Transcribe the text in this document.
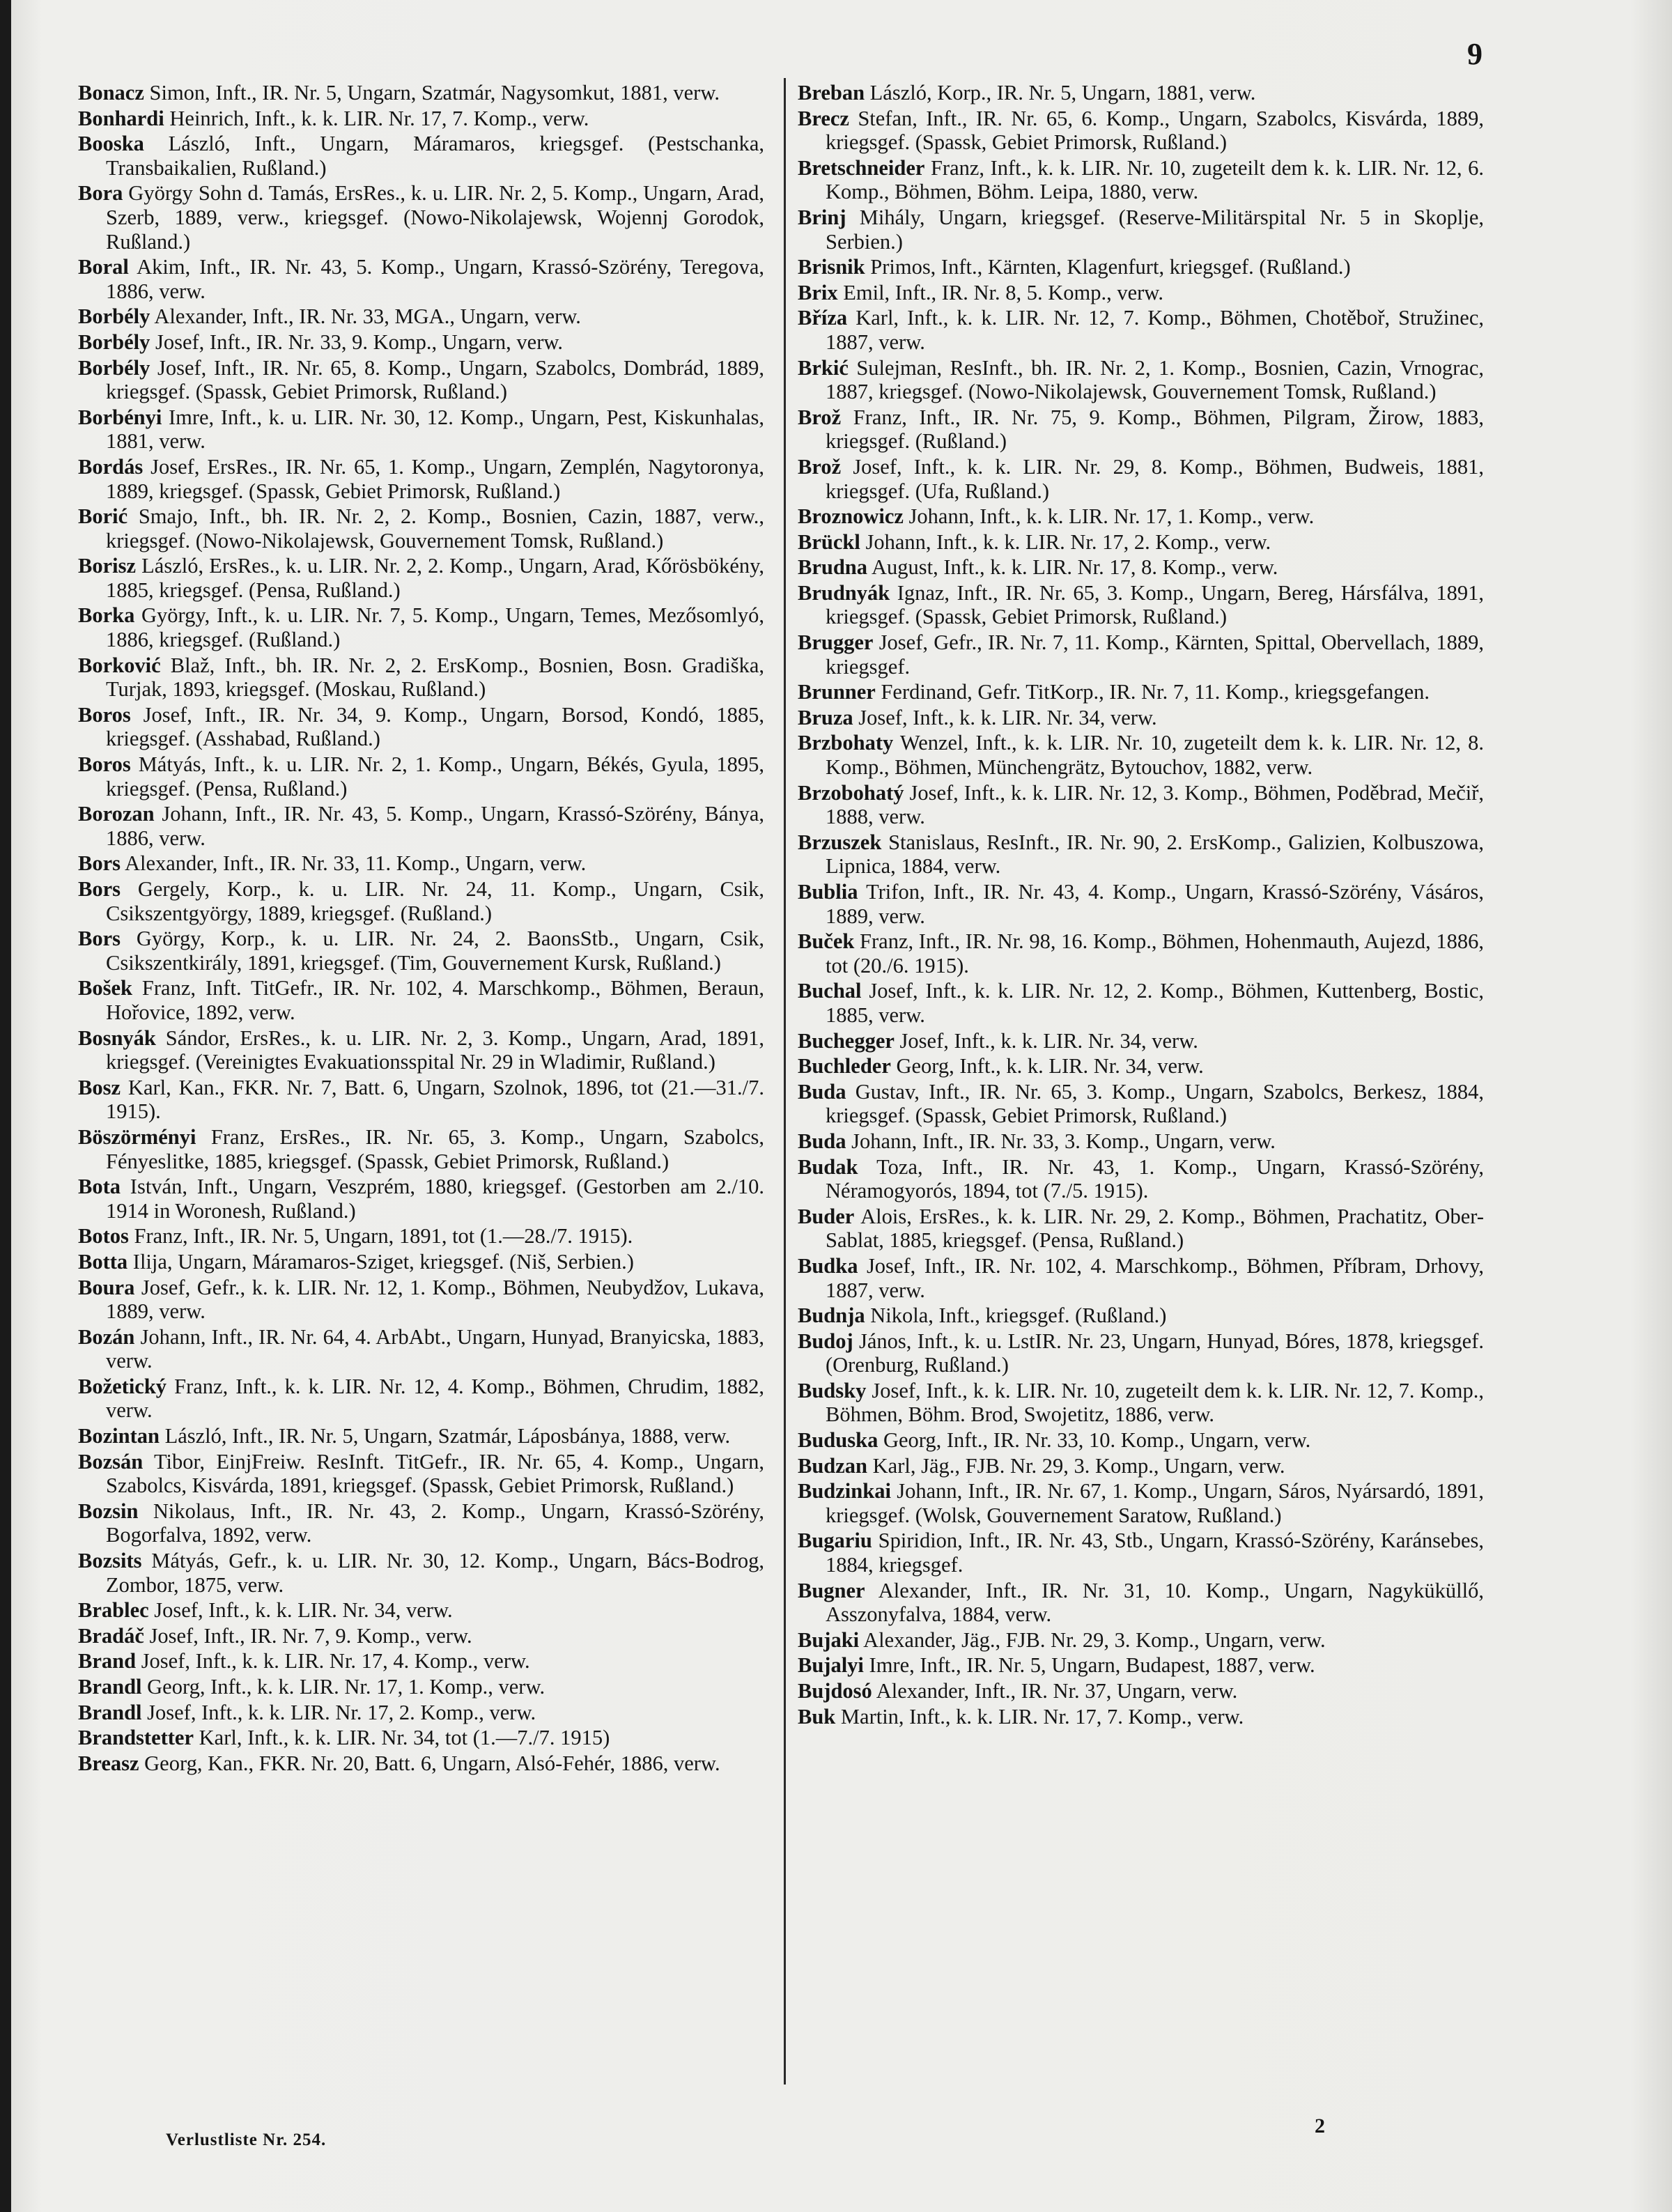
9

Bonacz Simon, Inft., IR. Nr. 5, Ungarn, Szatmár, Nagysomkut, 1881, verw.

Bonhardi Heinrich, Inft., k. k. LIR. Nr. 17, 7. Komp., verw.

Booska László, Inft., Ungarn, Máramaros, kriegsgef. (Pestschanka, Transbaikalien, Rußland.)

Bora György Sohn d. Tamás, ErsRes., k. u. LIR. Nr. 2, 5. Komp., Ungarn, Arad, Szerb, 1889, verw., kriegsgef. (Nowo-Nikolajewsk, Wojennj Gorodok, Rußland.)

Boral Akim, Inft., IR. Nr. 43, 5. Komp., Ungarn, Krassó-Szörény, Teregova, 1886, verw.

Borbély Alexander, Inft., IR. Nr. 33, MGA., Ungarn, verw.

Borbély Josef, Inft., IR. Nr. 33, 9. Komp., Ungarn, verw.

Borbély Josef, Inft., IR. Nr. 65, 8. Komp., Ungarn, Szabolcs, Dombrád, 1889, kriegsgef. (Spassk, Gebiet Primorsk, Rußland.)

Borbényi Imre, Inft., k. u. LIR. Nr. 30, 12. Komp., Ungarn, Pest, Kiskunhalas, 1881, verw.

Bordás Josef, ErsRes., IR. Nr. 65, 1. Komp., Ungarn, Zemplén, Nagytoronya, 1889, kriegsgef. (Spassk, Gebiet Primorsk, Rußland.)

Borić Smajo, Inft., bh. IR. Nr. 2, 2. Komp., Bosnien, Cazin, 1887, verw., kriegsgef. (Nowo-Nikolajewsk, Gouvernement Tomsk, Rußland.)

Borisz László, ErsRes., k. u. LIR. Nr. 2, 2. Komp., Ungarn, Arad, Kőrösbökény, 1885, kriegsgef. (Pensa, Rußland.)

Borka György, Inft., k. u. LIR. Nr. 7, 5. Komp., Ungarn, Temes, Mezősomlyó, 1886, kriegsgef. (Rußland.)

Borković Blaž, Inft., bh. IR. Nr. 2, 2. ErsKomp., Bosnien, Bosn. Gradiška, Turjak, 1893, kriegsgef. (Moskau, Rußland.)

Boros Josef, Inft., IR. Nr. 34, 9. Komp., Ungarn, Borsod, Kondó, 1885, kriegsgef. (Asshabad, Rußland.)

Boros Mátyás, Inft., k. u. LIR. Nr. 2, 1. Komp., Ungarn, Békés, Gyula, 1895, kriegsgef. (Pensa, Rußland.)

Borozan Johann, Inft., IR. Nr. 43, 5. Komp., Ungarn, Krassó-Szörény, Bánya, 1886, verw.

Bors Alexander, Inft., IR. Nr. 33, 11. Komp., Ungarn, verw.

Bors Gergely, Korp., k. u. LIR. Nr. 24, 11. Komp., Ungarn, Csik, Csikszentgyörgy, 1889, kriegsgef. (Rußland.)

Bors György, Korp., k. u. LIR. Nr. 24, 2. BaonsStb., Ungarn, Csik, Csikszentkirály, 1891, kriegsgef. (Tim, Gouvernement Kursk, Rußland.)

Bošek Franz, Inft. TitGefr., IR. Nr. 102, 4. Marschkomp., Böhmen, Beraun, Hořovice, 1892, verw.

Bosnyák Sándor, ErsRes., k. u. LIR. Nr. 2, 3. Komp., Ungarn, Arad, 1891, kriegsgef. (Vereinigtes Evakuationsspital Nr. 29 in Wladimir, Rußland.)

Bosz Karl, Kan., FKR. Nr. 7, Batt. 6, Ungarn, Szolnok, 1896, tot (21.—31./7. 1915).

Böszörményi Franz, ErsRes., IR. Nr. 65, 3. Komp., Ungarn, Szabolcs, Fényeslitke, 1885, kriegsgef. (Spassk, Gebiet Primorsk, Rußland.)

Bota István, Inft., Ungarn, Veszprém, 1880, kriegsgef. (Gestorben am 2./10. 1914 in Woronesh, Rußland.)

Botos Franz, Inft., IR. Nr. 5, Ungarn, 1891, tot (1.—28./7. 1915).

Botta Ilija, Ungarn, Máramaros-Sziget, kriegsgef. (Niš, Serbien.)

Boura Josef, Gefr., k. k. LIR. Nr. 12, 1. Komp., Böhmen, Neubydžov, Lukava, 1889, verw.

Bozán Johann, Inft., IR. Nr. 64, 4. ArbAbt., Ungarn, Hunyad, Branyicska, 1883, verw.

Božetický Franz, Inft., k. k. LIR. Nr. 12, 4. Komp., Böhmen, Chrudim, 1882, verw.

Bozintan László, Inft., IR. Nr. 5, Ungarn, Szatmár, Láposbánya, 1888, verw.

Bozsán Tibor, EinjFreiw. ResInft. TitGefr., IR. Nr. 65, 4. Komp., Ungarn, Szabolcs, Kisvárda, 1891, kriegsgef. (Spassk, Gebiet Primorsk, Rußland.)

Bozsin Nikolaus, Inft., IR. Nr. 43, 2. Komp., Ungarn, Krassó-Szörény, Bogorfalva, 1892, verw.

Bozsits Mátyás, Gefr., k. u. LIR. Nr. 30, 12. Komp., Ungarn, Bács-Bodrog, Zombor, 1875, verw.

Brablec Josef, Inft., k. k. LIR. Nr. 34, verw.

Bradáč Josef, Inft., IR. Nr. 7, 9. Komp., verw.

Brand Josef, Inft., k. k. LIR. Nr. 17, 4. Komp., verw.

Brandl Georg, Inft., k. k. LIR. Nr. 17, 1. Komp., verw.

Brandl Josef, Inft., k. k. LIR. Nr. 17, 2. Komp., verw.

Brandstetter Karl, Inft., k. k. LIR. Nr. 34, tot (1.—7./7. 1915)

Breasz Georg, Kan., FKR. Nr. 20, Batt. 6, Ungarn, Alsó-Fehér, 1886, verw.

Breban László, Korp., IR. Nr. 5, Ungarn, 1881, verw.

Brecz Stefan, Inft., IR. Nr. 65, 6. Komp., Ungarn, Szabolcs, Kisvárda, 1889, kriegsgef. (Spassk, Gebiet Primorsk, Rußland.)

Bretschneider Franz, Inft., k. k. LIR. Nr. 10, zugeteilt dem k. k. LIR. Nr. 12, 6. Komp., Böhmen, Böhm. Leipa, 1880, verw.

Brinj Mihály, Ungarn, kriegsgef. (Reserve-Militärspital Nr. 5 in Skoplje, Serbien.)

Brisnik Primos, Inft., Kärnten, Klagenfurt, kriegsgef. (Rußland.)

Brix Emil, Inft., IR. Nr. 8, 5. Komp., verw.

Bříza Karl, Inft., k. k. LIR. Nr. 12, 7. Komp., Böhmen, Chotěboř, Stružinec, 1887, verw.

Brkić Sulejman, ResInft., bh. IR. Nr. 2, 1. Komp., Bosnien, Cazin, Vrnograc, 1887, kriegsgef. (Nowo-Nikolajewsk, Gouvernement Tomsk, Rußland.)

Brož Franz, Inft., IR. Nr. 75, 9. Komp., Böhmen, Pilgram, Žirow, 1883, kriegsgef. (Rußland.)

Brož Josef, Inft., k. k. LIR. Nr. 29, 8. Komp., Böhmen, Budweis, 1881, kriegsgef. (Ufa, Rußland.)

Broznowicz Johann, Inft., k. k. LIR. Nr. 17, 1. Komp., verw.

Brückl Johann, Inft., k. k. LIR. Nr. 17, 2. Komp., verw.

Brudna August, Inft., k. k. LIR. Nr. 17, 8. Komp., verw.

Brudnyák Ignaz, Inft., IR. Nr. 65, 3. Komp., Ungarn, Bereg, Hársfálva, 1891, kriegsgef. (Spassk, Gebiet Primorsk, Rußland.)

Brugger Josef, Gefr., IR. Nr. 7, 11. Komp., Kärnten, Spittal, Obervellach, 1889, kriegsgef.

Brunner Ferdinand, Gefr. TitKorp., IR. Nr. 7, 11. Komp., kriegsgefangen.

Bruza Josef, Inft., k. k. LIR. Nr. 34, verw.

Brzbohaty Wenzel, Inft., k. k. LIR. Nr. 10, zugeteilt dem k. k. LIR. Nr. 12, 8. Komp., Böhmen, Münchengrätz, Bytouchov, 1882, verw.

Brzobohatý Josef, Inft., k. k. LIR. Nr. 12, 3. Komp., Böhmen, Poděbrad, Mečiř, 1888, verw.

Brzuszek Stanislaus, ResInft., IR. Nr. 90, 2. ErsKomp., Galizien, Kolbuszowa, Lipnica, 1884, verw.

Bublia Trifon, Inft., IR. Nr. 43, 4. Komp., Ungarn, Krassó-Szörény, Vásáros, 1889, verw.

Buček Franz, Inft., IR. Nr. 98, 16. Komp., Böhmen, Hohenmauth, Aujezd, 1886, tot (20./6. 1915).

Buchal Josef, Inft., k. k. LIR. Nr. 12, 2. Komp., Böhmen, Kuttenberg, Bostic, 1885, verw.

Buchegger Josef, Inft., k. k. LIR. Nr. 34, verw.

Buchleder Georg, Inft., k. k. LIR. Nr. 34, verw.

Buda Gustav, Inft., IR. Nr. 65, 3. Komp., Ungarn, Szabolcs, Berkesz, 1884, kriegsgef. (Spassk, Gebiet Primorsk, Rußland.)

Buda Johann, Inft., IR. Nr. 33, 3. Komp., Ungarn, verw.

Budak Toza, Inft., IR. Nr. 43, 1. Komp., Ungarn, Krassó-Szörény, Néramogyorós, 1894, tot (7./5. 1915).

Buder Alois, ErsRes., k. k. LIR. Nr. 29, 2. Komp., Böhmen, Prachatitz, Ober-Sablat, 1885, kriegsgef. (Pensa, Rußland.)

Budka Josef, Inft., IR. Nr. 102, 4. Marschkomp., Böhmen, Příbram, Drhovy, 1887, verw.

Budnja Nikola, Inft., kriegsgef. (Rußland.)

Budoj János, Inft., k. u. LstIR. Nr. 23, Ungarn, Hunyad, Bóres, 1878, kriegsgef. (Orenburg, Rußland.)

Budsky Josef, Inft., k. k. LIR. Nr. 10, zugeteilt dem k. k. LIR. Nr. 12, 7. Komp., Böhmen, Böhm. Brod, Swojetitz, 1886, verw.

Buduska Georg, Inft., IR. Nr. 33, 10. Komp., Ungarn, verw.

Budzan Karl, Jäg., FJB. Nr. 29, 3. Komp., Ungarn, verw.

Budzinkai Johann, Inft., IR. Nr. 67, 1. Komp., Ungarn, Sáros, Nyársardó, 1891, kriegsgef. (Wolsk, Gouvernement Saratow, Rußland.)

Bugariu Spiridion, Inft., IR. Nr. 43, Stb., Ungarn, Krassó-Szörény, Karánsebes, 1884, kriegsgef.

Bugner Alexander, Inft., IR. Nr. 31, 10. Komp., Ungarn, Nagyküküllő, Asszonyfalva, 1884, verw.

Bujaki Alexander, Jäg., FJB. Nr. 29, 3. Komp., Ungarn, verw.

Bujalyi Imre, Inft., IR. Nr. 5, Ungarn, Budapest, 1887, verw.

Bujdosó Alexander, Inft., IR. Nr. 37, Ungarn, verw.

Buk Martin, Inft., k. k. LIR. Nr. 17, 7. Komp., verw.

Verlustliste Nr. 254.
2
